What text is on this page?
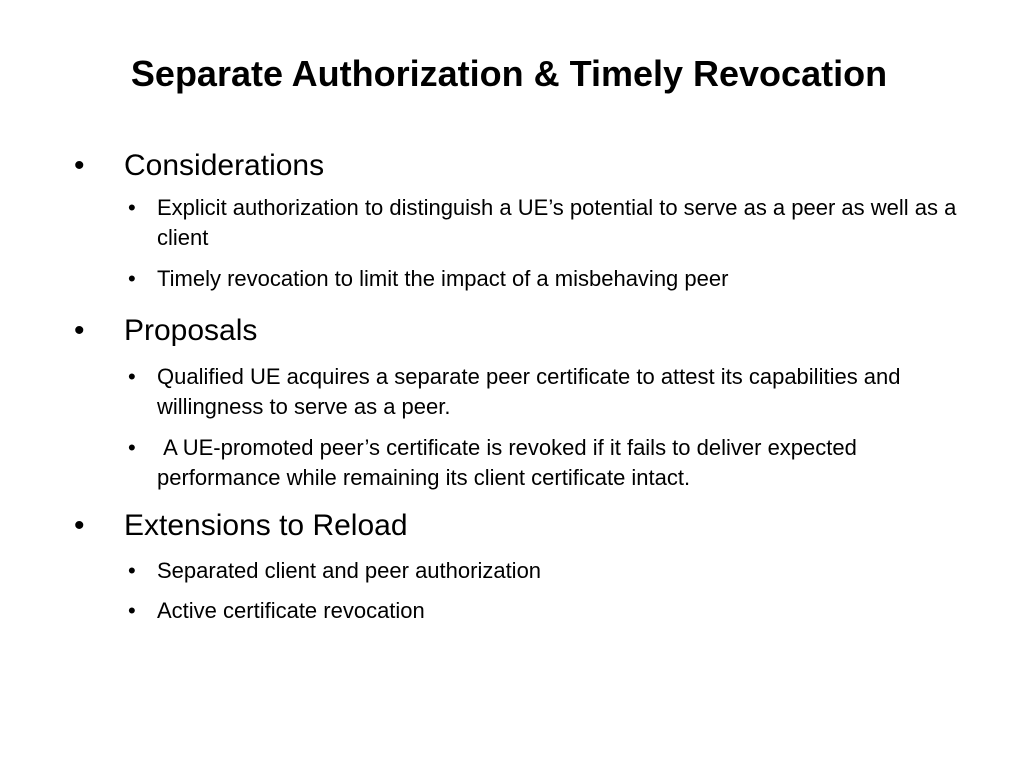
Separate Authorization & Timely Revocation
• Considerations
• Explicit authorization to distinguish a UE’s potential to serve as a peer as well as a client
• Timely revocation to limit the impact of a misbehaving peer
• Proposals
• Qualified UE acquires a separate peer certificate to attest its capabilities and willingness to serve as a peer.
• A UE-promoted peer’s certificate is revoked if it fails to deliver expected performance while remaining its client certificate intact.
• Extensions to Reload
• Separated client and peer authorization
• Active certificate revocation
